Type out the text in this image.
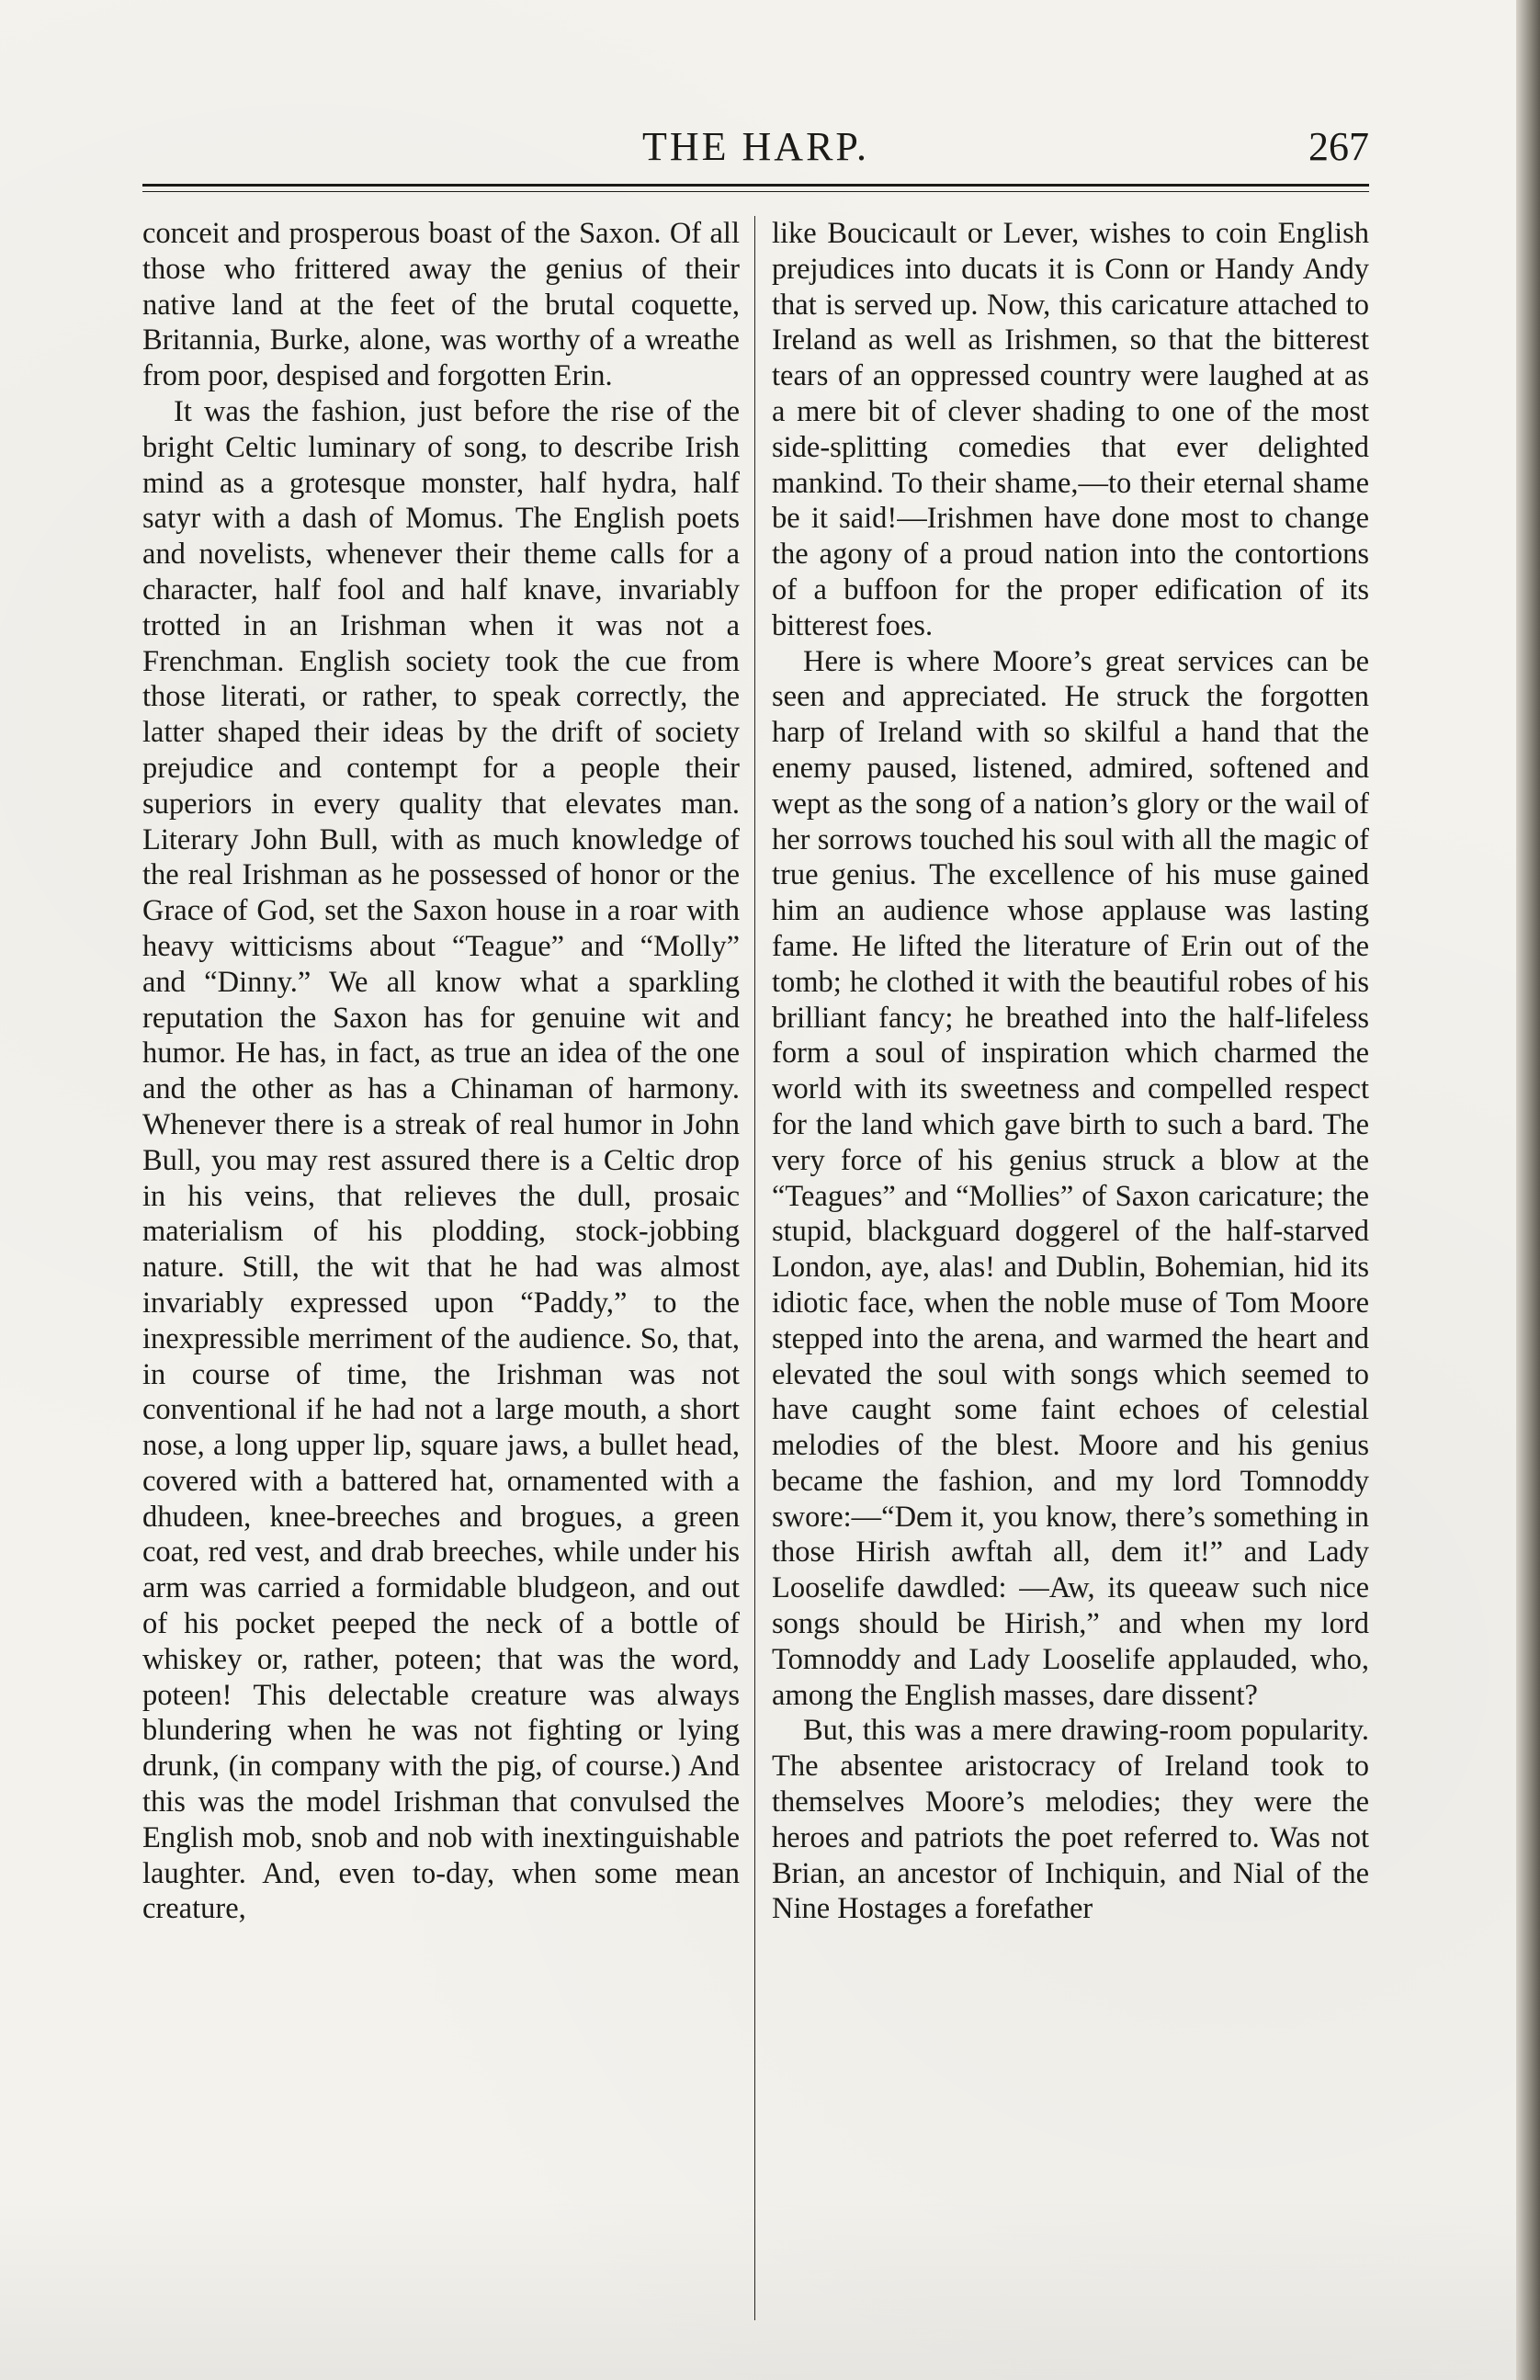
THE HARP.	267

conceit and prosperous boast of the Saxon. Of all those who frittered away the genius of their native land at the feet of the brutal coquette, Britannia, Burke, alone, was worthy of a wreathe from poor, despised and forgotten Erin.

It was the fashion, just before the rise of the bright Celtic luminary of song, to describe Irish mind as a grotesque monster, half hydra, half satyr with a dash of Momus. The English poets and novelists, whenever their theme calls for a character, half fool and half knave, invariably trotted in an Irishman when it was not a Frenchman. English society took the cue from those literati, or rather, to speak correctly, the latter shaped their ideas by the drift of society prejudice and contempt for a people their superiors in every quality that elevates man. Literary John Bull, with as much knowledge of the real Irishman as he possessed of honor or the Grace of God, set the Saxon house in a roar with heavy witticisms about “Teague” and “Molly” and “Dinny.” We all know what a sparkling reputation the Saxon has for genuine wit and humor. He has, in fact, as true an idea of the one and the other as has a Chinaman of harmony. Whenever there is a streak of real humor in John Bull, you may rest assured there is a Celtic drop in his veins, that relieves the dull, prosaic materialism of his plodding, stock-jobbing nature. Still, the wit that he had was almost invariably expressed upon “Paddy,” to the inexpressible merriment of the audience. So, that, in course of time, the Irishman was not conventional if he had not a large mouth, a short nose, a long upper lip, square jaws, a bullet head, covered with a battered hat, ornamented with a dhudeen, knee-breeches and brogues, a green coat, red vest, and drab breeches, while under his arm was carried a formidable bludgeon, and out of his pocket peeped the neck of a bottle of whiskey or, rather, poteen; that was the word, poteen! This delectable creature was always blundering when he was not fighting or lying drunk, (in company with the pig, of course.) And this was the model Irishman that convulsed the English mob, snob and nob with inextinguishable laughter. And, even to-day, when some mean creature,

like Boucicault or Lever, wishes to coin English prejudices into ducats it is Conn or Handy Andy that is served up. Now, this caricature attached to Ireland as well as Irishmen, so that the bitterest tears of an oppressed country were laughed at as a mere bit of clever shading to one of the most side-splitting comedies that ever delighted mankind. To their shame,—to their eternal shame be it said!—Irishmen have done most to change the agony of a proud nation into the contortions of a buffoon for the proper edification of its bitterest foes.

Here is where Moore’s great services can be seen and appreciated. He struck the forgotten harp of Ireland with so skilful a hand that the enemy paused, listened, admired, softened and wept as the song of a nation’s glory or the wail of her sorrows touched his soul with all the magic of true genius. The excellence of his muse gained him an audience whose applause was lasting fame. He lifted the literature of Erin out of the tomb; he clothed it with the beautiful robes of his brilliant fancy; he breathed into the half-lifeless form a soul of inspiration which charmed the world with its sweetness and compelled respect for the land which gave birth to such a bard. The very force of his genius struck a blow at the “Teagues” and “Mollies” of Saxon caricature; the stupid, blackguard doggerel of the half-starved London, aye, alas! and Dublin, Bohemian, hid its idiotic face, when the noble muse of Tom Moore stepped into the arena, and warmed the heart and elevated the soul with songs which seemed to have caught some faint echoes of celestial melodies of the blest. Moore and his genius became the fashion, and my lord Tomnoddy swore:—“Dem it, you know, there’s something in those Hirish awftah all, dem it!” and Lady Looselife dawdled: —Aw, its queeaw such nice songs should be Hirish,” and when my lord Tomnoddy and Lady Looselife applauded, who, among the English masses, dare dissent?

But, this was a mere drawing-room popularity. The absentee aristocracy of Ireland took to themselves Moore’s melodies; they were the heroes and patriots the poet referred to. Was not Brian, an ancestor of Inchiquin, and Nial of the Nine Hostages a forefather
